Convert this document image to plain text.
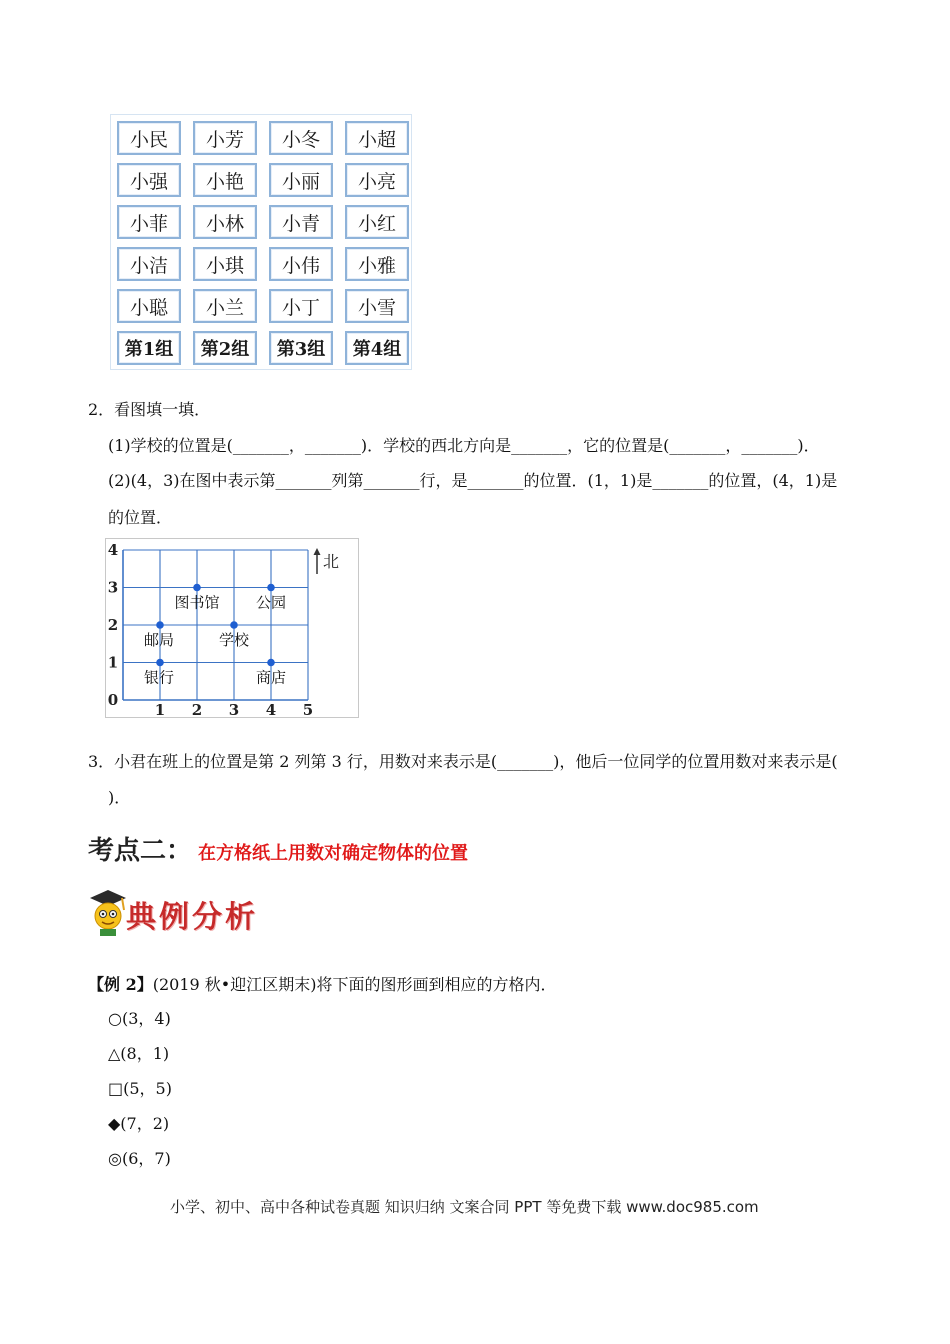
小民	小芳	小冬	小超
小强	小艳	小丽	小亮
小菲	小林	小青	小红
小洁	小琪	小伟	小雅
小聪	小兰	小丁	小雪
第1组	第2组	第3组	第4组
2．看图填一填．
(1)学校的位置是(_______，_______)．学校的西北方向是_______，它的位置是(_______，_______)．
(2)(4，3)在图中表示第_______列第_______行，是_______的位置．(1，1)是_______的位置，(4，1)是
的位置．
1 2 3 4 5
0
1
2
3
4
图书馆 公园
邮局	学校
银行	商店
北
3．小君在班上的位置是第 2 列第 3 行，用数对来表示是(_______)，他后一位同学的位置用数对来表示是(
)．
考点二： 在方格纸上用数对确定物体的位置
典例分析
【例 2】(2019 秋•迎江区期末)将下面的图形画到相应的方格内．
○(3，4)
△(8，1)
□(5，5)
◆(7，2)
◎(6，7)
小学、初中、高中各种试卷真题 知识归纳 文案合同 PPT 等免费下载 www.doc985.com
